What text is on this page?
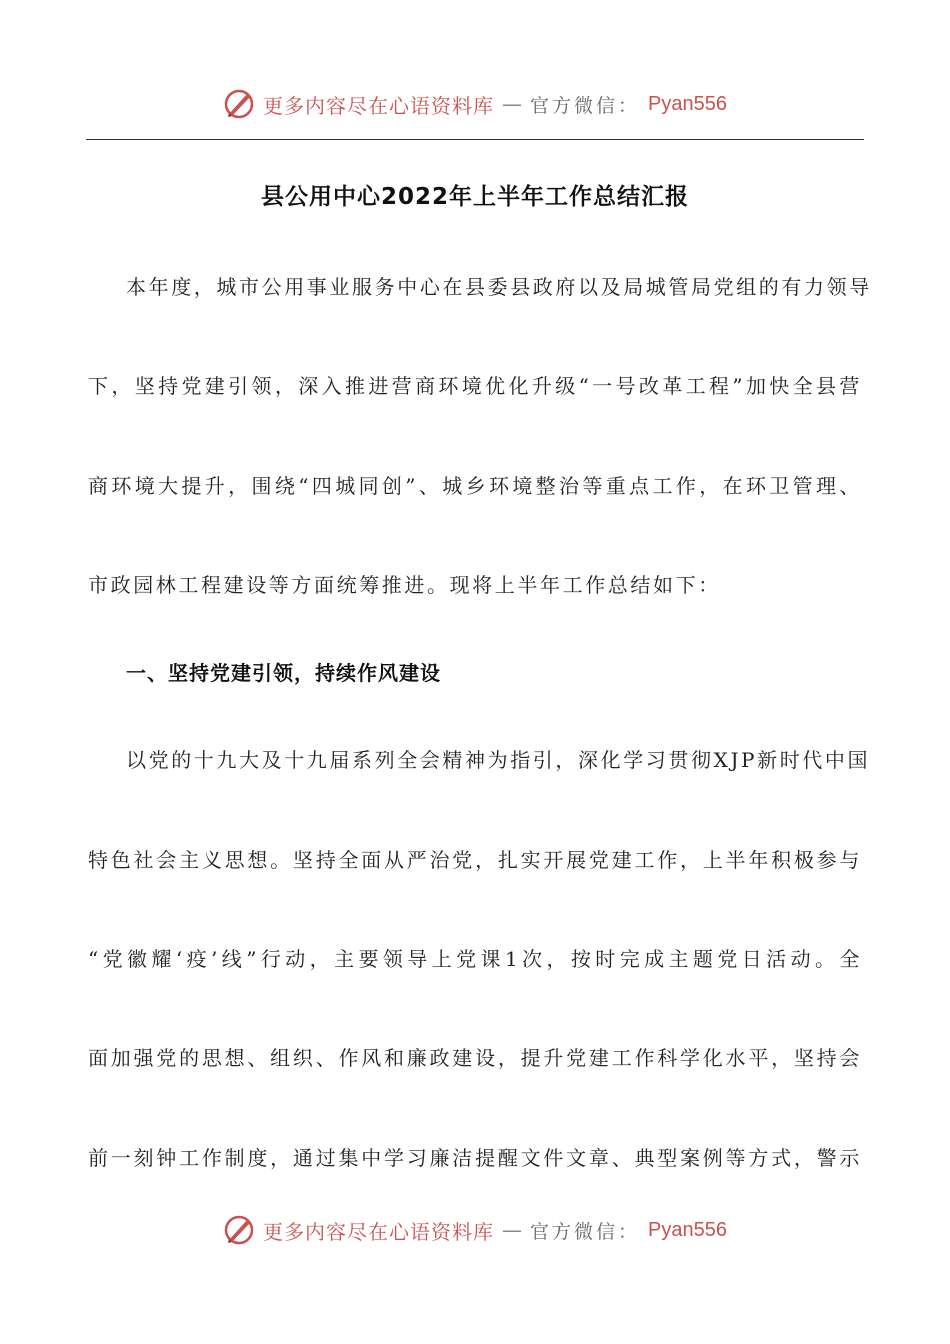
更多内容尽在心语资料库 — 官方微信： Pyan556
县公用中心2022年上半年工作总结汇报
本年度，城市公用事业服务中心在县委县政府以及局城管局党组的有力领导
下，坚持党建引领，深入推进营商环境优化升级“一号改革工程”加快全县营
商环境大提升，围绕“四城同创”、城乡环境整治等重点工作，在环卫管理、
市政园林工程建设等方面统筹推进。现将上半年工作总结如下：
一、坚持党建引领，持续作风建设
以党的十九大及十九届系列全会精神为指引，深化学习贯彻XJP新时代中国
特色社会主义思想。坚持全面从严治党，扎实开展党建工作，上半年积极参与
“党徽耀‘疫’线”行动，主要领导上党课1次，按时完成主题党日活动。全
面加强党的思想、组织、作风和廉政建设，提升党建工作科学化水平，坚持会
前一刻钟工作制度，通过集中学习廉洁提醒文件文章、典型案例等方式，警示
更多内容尽在心语资料库 — 官方微信： Pyan556
